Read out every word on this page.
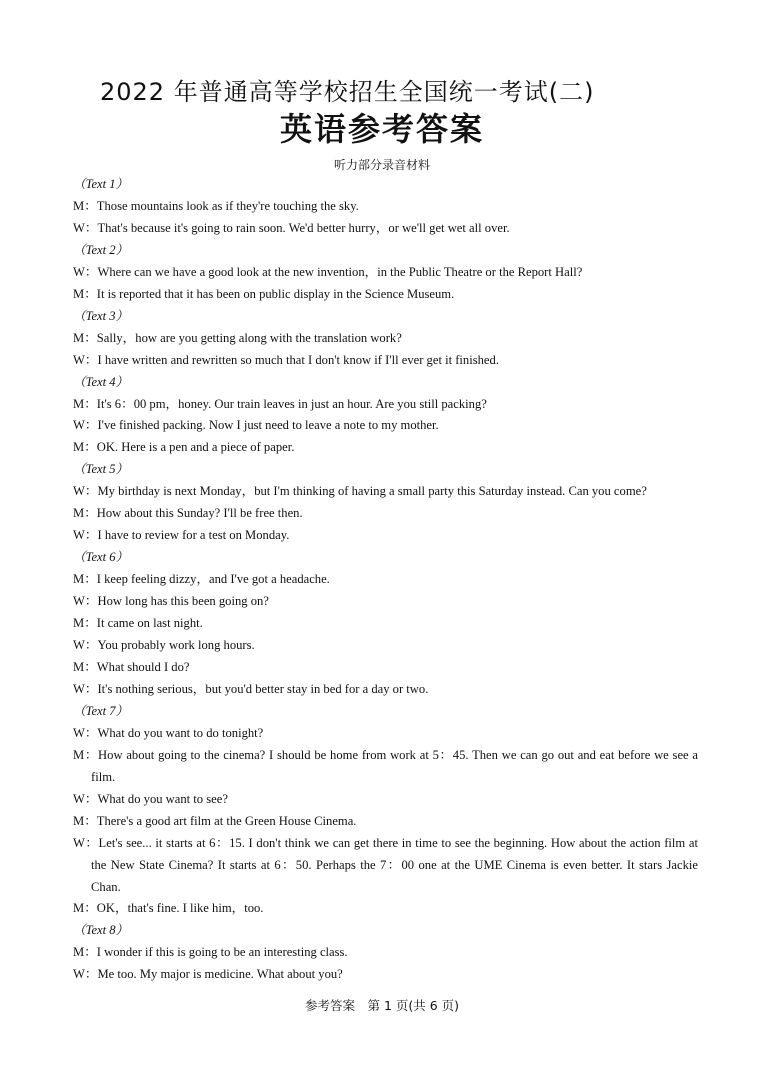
2022 年普通高等学校招生全国统一考试(二)
英语参考答案
听力部分录音材料
（Text 1）
M：Those mountains look as if they're touching the sky.
W：That's because it's going to rain soon. We'd better hurry，or we'll get wet all over.
（Text 2）
W：Where can we have a good look at the new invention，in the Public Theatre or the Report Hall?
M：It is reported that it has been on public display in the Science Museum.
（Text 3）
M：Sally，how are you getting along with the translation work?
W：I have written and rewritten so much that I don't know if I'll ever get it finished.
（Text 4）
M：It's 6：00 pm，honey. Our train leaves in just an hour. Are you still packing?
W：I've finished packing. Now I just need to leave a note to my mother.
M：OK. Here is a pen and a piece of paper.
（Text 5）
W：My birthday is next Monday，but I'm thinking of having a small party this Saturday instead. Can you come?
M：How about this Sunday? I'll be free then.
W：I have to review for a test on Monday.
（Text 6）
M：I keep feeling dizzy，and I've got a headache.
W：How long has this been going on?
M：It came on last night.
W：You probably work long hours.
M：What should I do?
W：It's nothing serious，but you'd better stay in bed for a day or two.
（Text 7）
W：What do you want to do tonight?
M：How about going to the cinema? I should be home from work at 5：45. Then we can go out and eat before we see a film.
W：What do you want to see?
M：There's a good art film at the Green House Cinema.
W：Let's see... it starts at 6：15. I don't think we can get there in time to see the beginning. How about the action film at the New State Cinema? It starts at 6：50. Perhaps the 7：00 one at the UME Cinema is even better. It stars Jackie Chan.
M：OK，that's fine. I like him，too.
（Text 8）
M：I wonder if this is going to be an interesting class.
W：Me too. My major is medicine. What about you?
参考答案　第 1 页(共 6 页)
